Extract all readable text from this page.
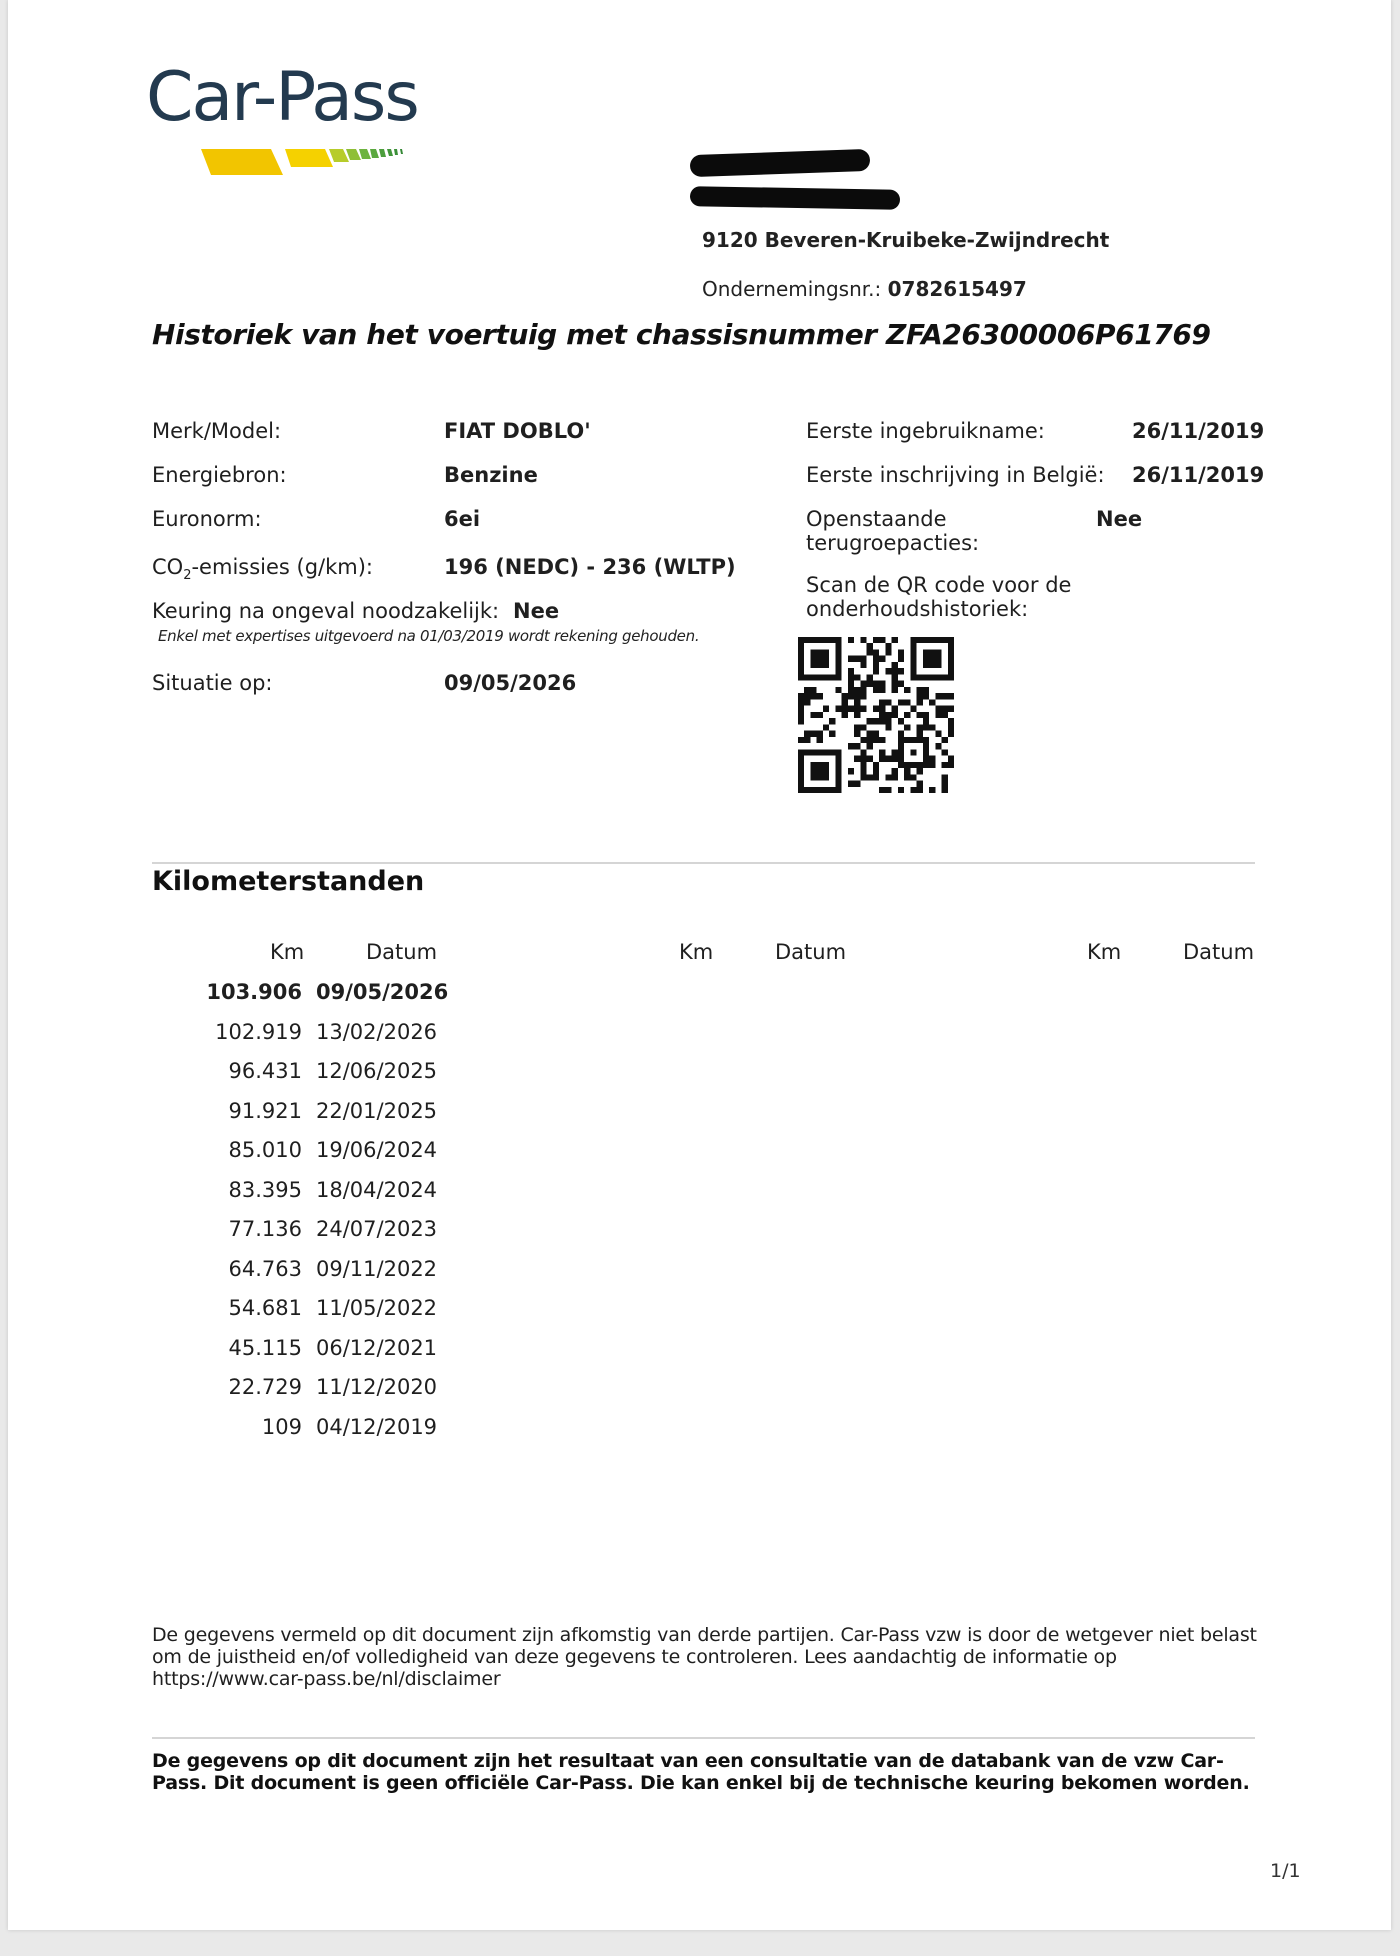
Car-Pass
9120 Beveren-Kruibeke-Zwijndrecht
Ondernemingsnr.: 0782615497
Historiek van het voertuig met chassisnummer ZFA26300006P61769
Merk/Model:	FIAT DOBLO'
Energiebron:	Benzine
Euronorm:	6ei
$CO_2$-emissies (g/km):	196 (NEDC) - 236 (WLTP)
Keuring na ongeval noodzakelijk: Nee
Enkel met expertises uitgevoerd na 01/03/2019 wordt rekening gehouden.
Situatie op:	09/05/2026
Eerste ingebruikname:	26/11/2019
Eerste inschrijving in België: 26/11/2019
Openstaande terugroepacties:
Nee
Scan de QR code voor de onderhoudshistoriek:
Kilometerstanden
Km	Datum	Km	Datum	Km	Datum
103.906 09/05/2026
102.919 13/02/2026
96.431 12/06/2025
91.921 22/01/2025
85.010 19/06/2024
83.395 18/04/2024
77.136 24/07/2023
64.763 09/11/2022
54.681 11/05/2022
45.115 06/12/2021
22.729 11/12/2020
109 04/12/2019
De gegevens vermeld op dit document zijn afkomstig van derde partijen. Car-Pass vzw is door de wetgever niet belast om de juistheid en/of volledigheid van deze gegevens te controleren. Lees aandachtig de informatie op https://www.car-pass.be/nl/disclaimer
De gegevens op dit document zijn het resultaat van een consultatie van de databank van de vzw Car-Pass. Dit document is geen officiële Car-Pass. Die kan enkel bij de technische keuring bekomen worden.
1/1
